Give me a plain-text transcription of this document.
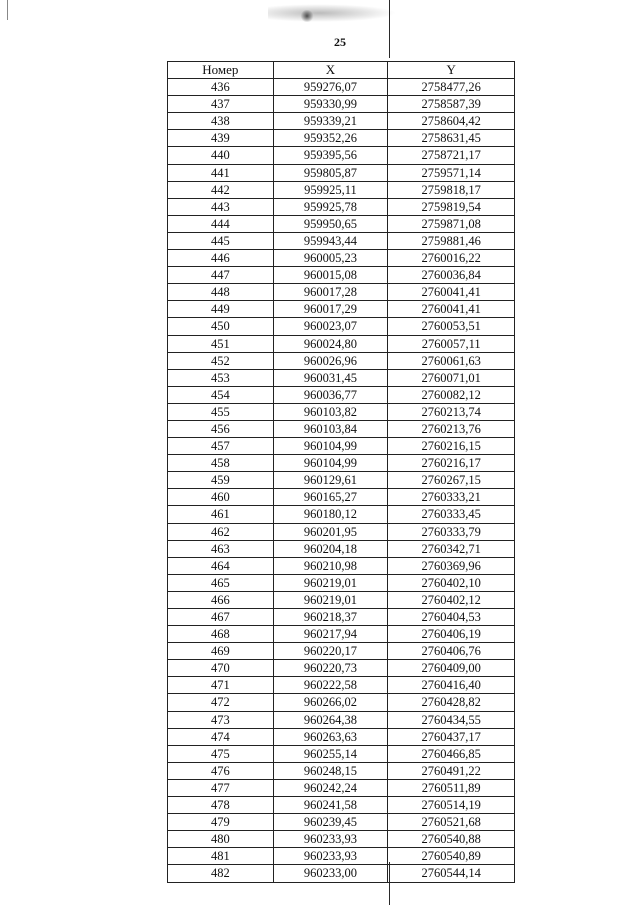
25
Номер	X	Y
436	959276,07	2758477,26
437	959330,99	2758587,39
438	959339,21	2758604,42
439	959352,26	2758631,45
440	959395,56	2758721,17
441	959805,87	2759571,14
442	959925,11	2759818,17
443	959925,78	2759819,54
444	959950,65	2759871,08
445	959943,44	2759881,46
446	960005,23	2760016,22
447	960015,08	2760036,84
448	960017,28	2760041,41
449	960017,29	2760041,41
450	960023,07	2760053,51
451	960024,80	2760057,11
452	960026,96	2760061,63
453	960031,45	2760071,01
454	960036,77	2760082,12
455	960103,82	2760213,74
456	960103,84	2760213,76
457	960104,99	2760216,15
458	960104,99	2760216,17
459	960129,61	2760267,15
460	960165,27	2760333,21
461	960180,12	2760333,45
462	960201,95	2760333,79
463	960204,18	2760342,71
464	960210,98	2760369,96
465	960219,01	2760402,10
466	960219,01	2760402,12
467	960218,37	2760404,53
468	960217,94	2760406,19
469	960220,17	2760406,76
470	960220,73	2760409,00
471	960222,58	2760416,40
472	960266,02	2760428,82
473	960264,38	2760434,55
474	960263,63	2760437,17
475	960255,14	2760466,85
476	960248,15	2760491,22
477	960242,24	2760511,89
478	960241,58	2760514,19
479	960239,45	2760521,68
480	960233,93	2760540,88
481	960233,93	2760540,89
482	960233,00	2760544,14
